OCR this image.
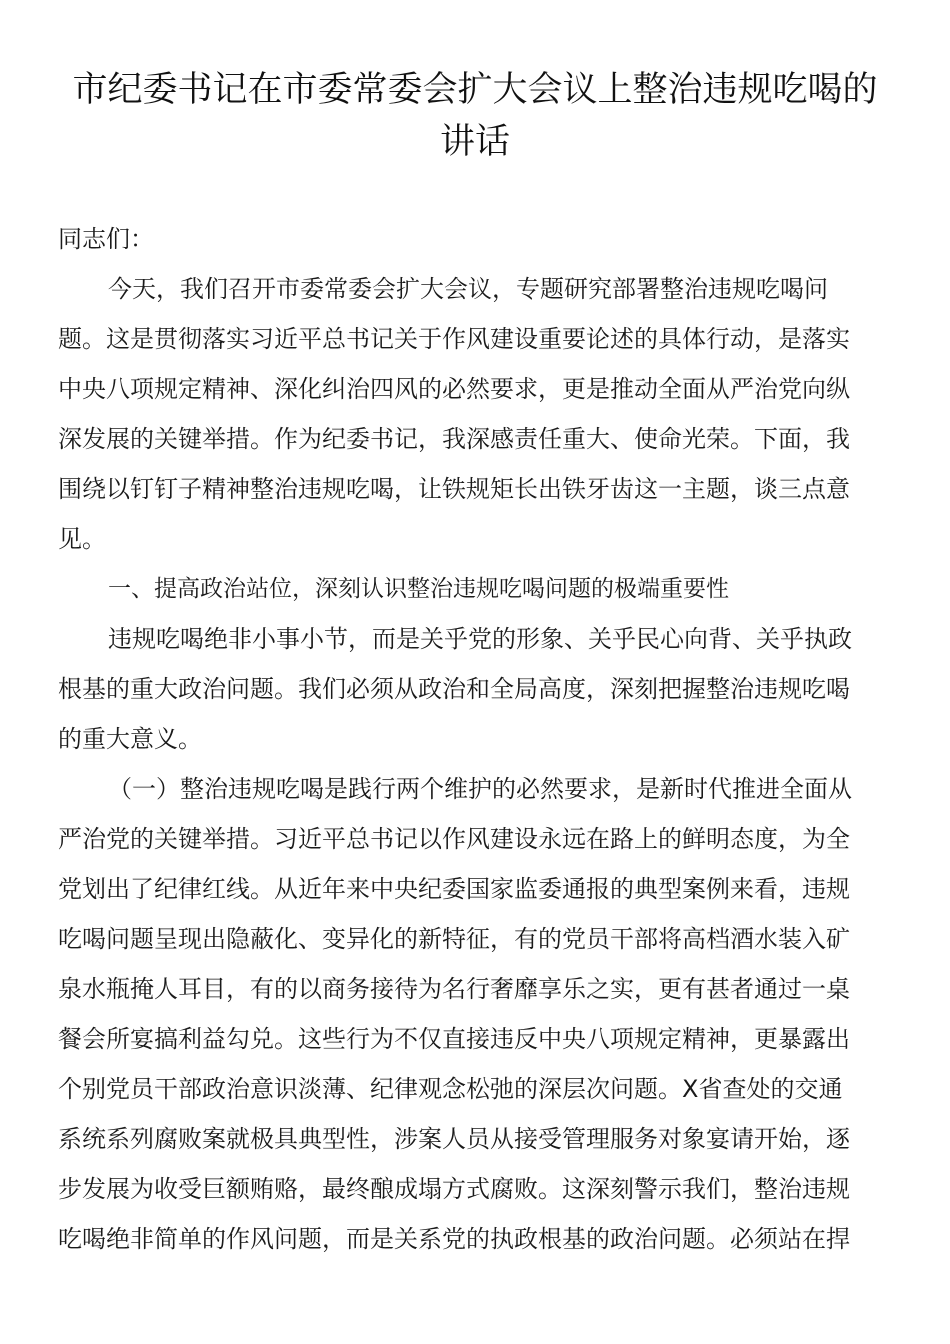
市纪委书记在市委常委会扩大会议上整治违规吃喝的
讲话
同志们：
今天，我们召开市委常委会扩大会议，专题研究部署整治违规吃喝问
题。这是贯彻落实习近平总书记关于作风建设重要论述的具体行动，是落实
中央八项规定精神、深化纠治四风的必然要求，更是推动全面从严治党向纵
深发展的关键举措。作为纪委书记，我深感责任重大、使命光荣。下面，我
围绕以钉钉子精神整治违规吃喝，让铁规矩长出铁牙齿这一主题，谈三点意
见。
一、提高政治站位，深刻认识整治违规吃喝问题的极端重要性
违规吃喝绝非小事小节，而是关乎党的形象、关乎民心向背、关乎执政
根基的重大政治问题。我们必须从政治和全局高度，深刻把握整治违规吃喝
的重大意义。
（一）整治违规吃喝是践行两个维护的必然要求，是新时代推进全面从
严治党的关键举措。习近平总书记以作风建设永远在路上的鲜明态度，为全
党划出了纪律红线。从近年来中央纪委国家监委通报的典型案例来看，违规
吃喝问题呈现出隐蔽化、变异化的新特征，有的党员干部将高档酒水装入矿
泉水瓶掩人耳目，有的以商务接待为名行奢靡享乐之实，更有甚者通过一桌
餐会所宴搞利益勾兑。这些行为不仅直接违反中央八项规定精神，更暴露出
个别党员干部政治意识淡薄、纪律观念松弛的深层次问题。X省查处的交通
系统系列腐败案就极具典型性，涉案人员从接受管理服务对象宴请开始，逐
步发展为收受巨额贿赂，最终酿成塌方式腐败。这深刻警示我们，整治违规
吃喝绝非简单的作风问题，而是关系党的执政根基的政治问题。必须站在捍
